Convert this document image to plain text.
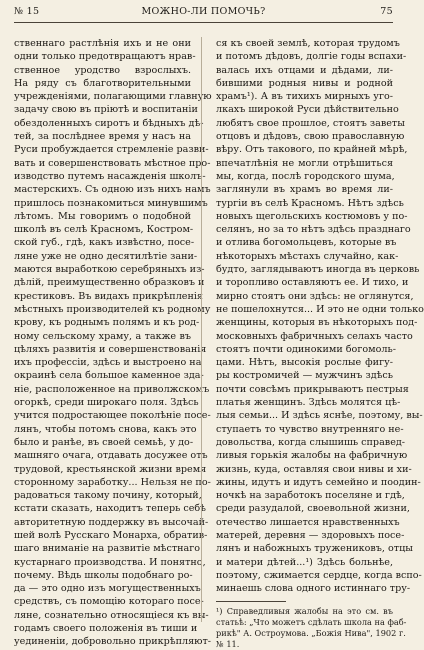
№ 15	МОЖНО-ЛИ ПОМОЧЬ?	75
ственнаго растлѣнія ихъ и не они
одни только предотвращаютъ нрав-
ственное уродство взрослыхъ.
На ряду съ благотворительными
учрежденіями, полагающими главную
задачу свою въ пріютѣ и воспитаніи
обездоленныхъ сиротъ и бѣдныхъ дѣ-
тей, за послѣднее время у насъ на
Руси пробуждается стремленіе разви-
вать и совершенствовать мѣстное про-
изводство путемъ насажденія школъ-
мастерскихъ. Съ одною изъ нихъ намъ
пришлось познакомиться минувшимъ
лѣтомъ. Мы говоримъ о подобной
школѣ въ селѣ Красномъ, Костром-
ской губ., гдѣ, какъ извѣстно, посе-
ляне уже не одно десятилѣтіе зани-
маются выработкою серебряныхъ из-
дѣлій, преимущественно образковъ и
крестиковъ. Въ видахъ прикрѣпленія
мѣстныхъ производителей къ родному
крову, къ роднымъ полямъ и къ род-
ному сельскому храму, а также въ
цѣляхъ развитія и совершенствованія
ихъ профессіи, здѣсь и выстроено на
окраинѣ села большое каменное зда-
ніе, расположенное на приволжскомъ
огоркѣ, среди широкаго поля. Здѣсь
учится подростающее поколѣніе посе-
лянъ, чтобы потомъ снова, какъ это
было и ранѣе, въ своей семьѣ, у до-
машняго очага, отдавать досужее отъ
трудовой, крестьянской жизни время
сторонному заработку... Нельзя не по-
радоваться такому почину, который,
кстати сказать, находитъ теперь себѣ
авторитетную поддержку въ высочай-
шей волѣ Русскаго Монарха, обратив-
шаго вниманіе на развитіе мѣстнаго
кустарнаго производства. И понятно,
почему. Вѣдь школы подобнаго ро-
да — это одно изъ могущественныхъ
средствъ, съ помощію котораго посе-
ляне, сознательно относящіеся къ вы-
годамъ своего положенія въ тиши и
уединеніи, добровольно прикрѣпляют-
ся къ своей землѣ, которая трудомъ
и потомъ дѣдовъ, долгіе годы вспахи-
валась ихъ отцами и дѣдами, ли-
бившими родныя нивы и родной
храмъ¹). А въ тихихъ мирныхъ уго-
лкахъ широкой Руси дѣйствительно
любятъ свое прошлое, стоятъ заветы
отцовъ и дѣдовъ, свою православную
вѣру. Отъ такового, по крайней мѣрѣ,
впечатлѣнія не могли отрѣшиться
мы, когда, послѣ городского шума,
заглянули въ храмъ во время ли-
тургіи въ селѣ Красномъ. Нѣтъ здѣсь
новыхъ щегольскихъ костюмовъ у по-
селянъ, но за то нѣтъ здѣсь празднаго
и отлива богомольцевъ, которые въ
нѣкоторыхъ мѣстахъ случайно, как-
будто, заглядываютъ иногда въ церковь
и торопливо оставляютъ ее. И тихо, и
мирно стоятъ они здѣсь: не оглянутся,
не пошелохнутся... И это не одни только
женщины, которыя въ нѣкоторыхъ под-
московныхъ фабричныхъ селахъ часто
стоятъ почти одинокими богомоль-
цами. Нѣтъ, высокія рослые фигу-
ры костромичей — мужчинъ здѣсь
почти совсѣмъ прикрываютъ пестрыя
платья женщинъ. Здѣсь молятся цѣ-
лыя семьи... И здѣсь яснѣе, поэтому, вы-
ступаетъ то чувство внутренняго не-
довольства, когда слышишь справед-
ливыя горькія жалобы на фабричную
жизнь, куда, оставляя свои нивы и хи-
жины, идутъ и идутъ семейно и поодин-
ночкѣ на заработокъ поселяне и гдѣ,
среди разудалой, своевольной жизни,
отечество лишается нравственныхъ
матерей, деревня — здоровыхъ посе-
лянъ и набожныхъ тружениковъ, отцы
и матери дѣтей...¹) Здѣсь больнѣе,
поэтому, сжимается сердце, когда вспо-
минаешь слова одного истиннаго тру-
¹) Справедливыя жалобы на это см. въ
статьѣ: „Что можетъ сдѣлать школа на фаб-
рикѣ" А. Остроумова. „Божія Нива", 1902 г.
№ 11.
